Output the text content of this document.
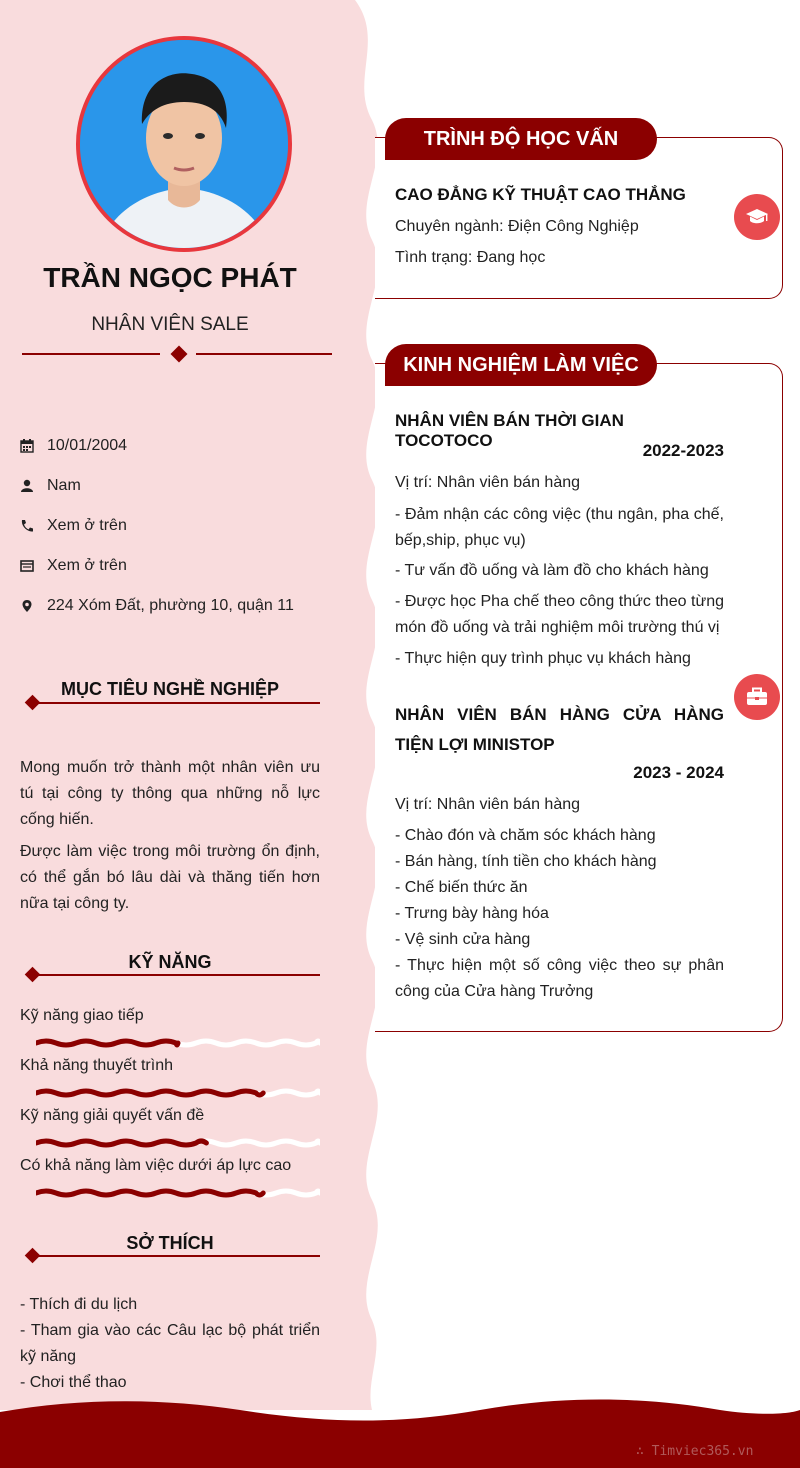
TRẦN NGỌC PHÁT
NHÂN VIÊN SALE
10/01/2004
Nam
Xem ở trên
Xem ở trên
224 Xóm Đất, phường 10, quận 11
MỤC TIÊU NGHỀ NGHIỆP
Mong muốn trở thành một nhân viên ưu tú tại công ty thông qua những nỗ lực cống hiến.
Được làm việc trong môi trường ổn định, có thể gắn bó lâu dài và thăng tiến hơn nữa tại công ty.
KỸ NĂNG
Kỹ năng giao tiếp
Khả năng thuyết trình
Kỹ năng giải quyết vấn đề
Có khả năng làm việc dưới áp lực cao
SỞ THÍCH
- Thích đi du lịch
- Tham gia vào các Câu lạc bộ phát triển kỹ năng
- Chơi thể thao
TRÌNH ĐỘ HỌC VẤN
CAO ĐẲNG KỸ THUẬT CAO THẮNG
Chuyên ngành: Điện Công Nghiệp
Tình trạng: Đang học
KINH NGHIỆM LÀM VIỆC
NHÂN VIÊN BÁN THỜI GIAN TOCOTOCO
2022-2023
Vị trí: Nhân viên bán hàng
- Đảm nhận các công việc (thu ngân, pha chế, bếp,ship, phục vụ)
- Tư vấn đồ uống và làm đồ cho khách hàng
- Được học Pha chế theo công thức theo từng món đồ uống và trải nghiệm môi trường thú vị
- Thực hiện quy trình phục vụ khách hàng
NHÂN VIÊN BÁN HÀNG CỬA HÀNG TIỆN LỢI MINISTOP
2023 - 2024
Vị trí: Nhân viên bán hàng
- Chào đón và chăm sóc khách hàng
- Bán hàng, tính tiền cho khách hàng
- Chế biến thức ăn
- Trưng bày hàng hóa
- Vệ sinh cửa hàng
- Thực hiện một số công việc theo sự phân công của Cửa hàng Trưởng
∴ Timviec365.vn
